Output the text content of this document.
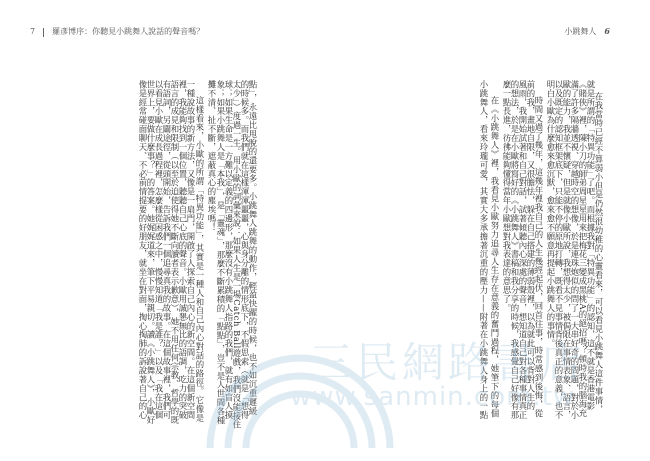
7 羅彥博序：你聽見小跳舞人說話的聲音嗎？
點」，永遠比甩脫的還要多。小跳舞人跳舞的動作，輕盈快躍的時候，也不如沉重遲緩
的時候多。而我們就在這樣渾渾噩噩，心與身分離的情形底下，不假思索（就是「想得
太少」）度過一生。用小歐的詞彙來說：如果人生是一場Catch Ball遊戲，我們沒能接住
球；如果生命是一方難以定義的四邊形，那麼沒有小跳舞人指路的我們，就有如盲人摸
象；如果小跳舞人是「本我」，是「靈魂」，那麼不斷累積的「點點」，豈不是人世間各種
攤不清、扯不斷，遮蔽真心的塵埃嗎！
這樣看來，小歐的所謂「特異功能」，其實是一種人和自己內心對話的路徑。它像是
一種說故事的新方法，又像是一扇門，開啟了人探索自己內心的新空間。在這個新空間
裡，我能夠找到一個位置，聽聽自己心底的聲音。小歐用誠懇無比的語調，吃力的突破
語言的成見和限制（以至於迫使得她不斷向讀者表示歉意），她不用任何宗教、哲學的既
有語詞，另闢途徑，從頭開始，告訴我們一個追尋真我的故事。在這個故事裡，我們可
以看見小歐在成長過程裡，怎麼樣從困惑之中，慢慢知道「我是誰？」以及「我在這個
世界上，要做什麼事？」的答案。她娓娓道來，筆下平易親切。讀《小跳舞人》，小歐好
像是經常碰面聊天、不必前情提要的好朋友，就坐在對面，掏心掏肺的訴說著自己的心
小跳舞人 6
在我當時已經不算弱小但是仍然很幼稚的心靈看來，可以看見小跳舞人這件事情，
就是所謂的「特異功能」了吧。而根據我對「特異功能」的認知，這不就是香港電影
《賭俠》裡，陳小刀的師弟周星星用來把梅花三變成黑桃A的絕招嗎？頓時我的腦海充
滿了許多隔牆透視、穿越時空的想像，於是連珠炮似的問了一大串好奇的問題，對於小
歐的能力，我並不懷疑，但是就像小歐所說，我想得太少，被侷限在事情表象、語言，
以及既定的認知框架底下，只能不停的原地打轉，既看不見事情背後真正的意義，也不
明白小歐為什麼愈來愈沉默，愈來愈不願意再提起小跳舞人的事情。
時間又過了幾年，這幾年裡我自己的人生幾經起伏，回首往事，時常感到後悔，從
前的我，畫地自限，又很膽怯，躲在自己搭建的薄弱殼裡，以為就此可以背對人生的
風雨，我開始試著和自己對話，試著傾聽內心深處的聲音，想知道自己對各種事情真正
的想法，於是在小歐將寫好的《小跳舞人》書稿和我分享的時候，我感覺自己好像有那
麼一點長進，彷彿能夠懂得當年小歐想對我表達的意思了。
在《小跳舞人》裡，我看見小歐努力追尋人生存在意義的奮鬥過程，她筆下的每個
小跳舞人，看來玲瓏可愛，其實大多承擔著沉重的壓力——附著在小跳舞人身上的一點
三民網路書店
www.sanmin.com.tw
